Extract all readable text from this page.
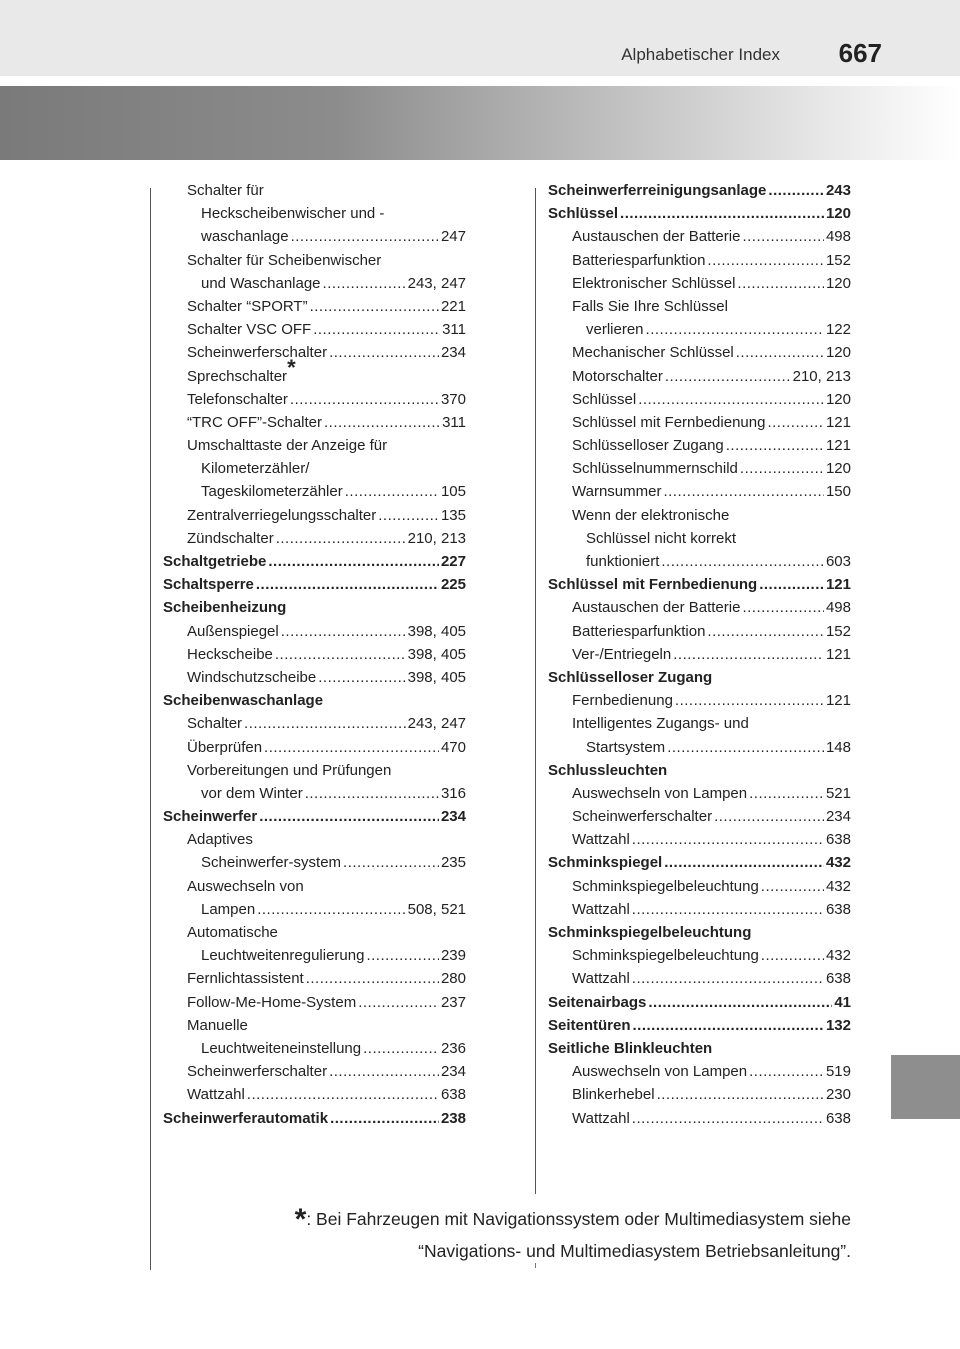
Alphabetischer Index 667
Schalter für
Heckscheibenwischer und -
waschanlage .....	247
Schalter für Scheibenwischer
und Waschanlage .....	243, 247
Schalter “SPORT” .....	221
Schalter VSC OFF .....	311
Scheinwerferschalter .....	234
Sprechschalter *
Telefonschalter .....	370
“TRC OFF”-Schalter .....	311
Umschalttaste der Anzeige für
Kilometerzähler/
Tageskilometerzähler .....	105
Zentralverriegelungsschalter .....	135
Zündschalter .....	210, 213
Schaltgetriebe .....	227
Schaltsperre .....	225
Scheibenheizung
Außenspiegel .....	398, 405
Heckscheibe .....	398, 405
Windschutzscheibe .....	398, 405
Scheibenwaschanlage
Schalter .....	243, 247
Überprüfen .....	470
Vorbereitungen und Prüfungen
vor dem Winter .....	316
Scheinwerfer .....	234
Adaptives
Scheinwerfer-system .....	235
Auswechseln von
Lampen .....	508, 521
Automatische
Leuchtweitenregulierung .....	239
Fernlichtassistent .....	280
Follow-Me-Home-System .....	237
Manuelle
Leuchtweiteneinstellung .....	236
Scheinwerferschalter .....	234
Wattzahl .....	638
Scheinwerferautomatik .....	238
Scheinwerferreinigungsanlage .....	243
Schlüssel .....	120
Austauschen der Batterie .....	498
Batteriesparfunktion .....	152
Elektronischer Schlüssel .....	120
Falls Sie Ihre Schlüssel
verlieren .....	122
Mechanischer Schlüssel .....	120
Motorschalter .....	210, 213
Schlüssel .....	120
Schlüssel mit Fernbedienung .....	121
Schlüsselloser Zugang .....	121
Schlüsselnummernschild .....	120
Warnsummer .....	150
Wenn der elektronische
Schlüssel nicht korrekt
funktioniert .....	603
Schlüssel mit Fernbedienung .....	121
Austauschen der Batterie .....	498
Batteriesparfunktion .....	152
Ver-/Entriegeln .....	121
Schlüsselloser Zugang
Fernbedienung .....	121
Intelligentes Zugangs- und
Startsystem .....	148
Schlussleuchten
Auswechseln von Lampen .....	521
Scheinwerferschalter .....	234
Wattzahl .....	638
Schminkspiegel .....	432
Schminkspiegelbeleuchtung .....	432
Wattzahl .....	638
Schminkspiegelbeleuchtung
Schminkspiegelbeleuchtung .....	432
Wattzahl .....	638
Seitenairbags .....	41
Seitentüren .....	132
Seitliche Blinkleuchten
Auswechseln von Lampen .....	519
Blinkerhebel .....	230
Wattzahl .....	638
*: Bei Fahrzeugen mit Navigationssystem oder Multimediasystem siehe
“Navigations- und Multimediasystem Betriebsanleitung”.
